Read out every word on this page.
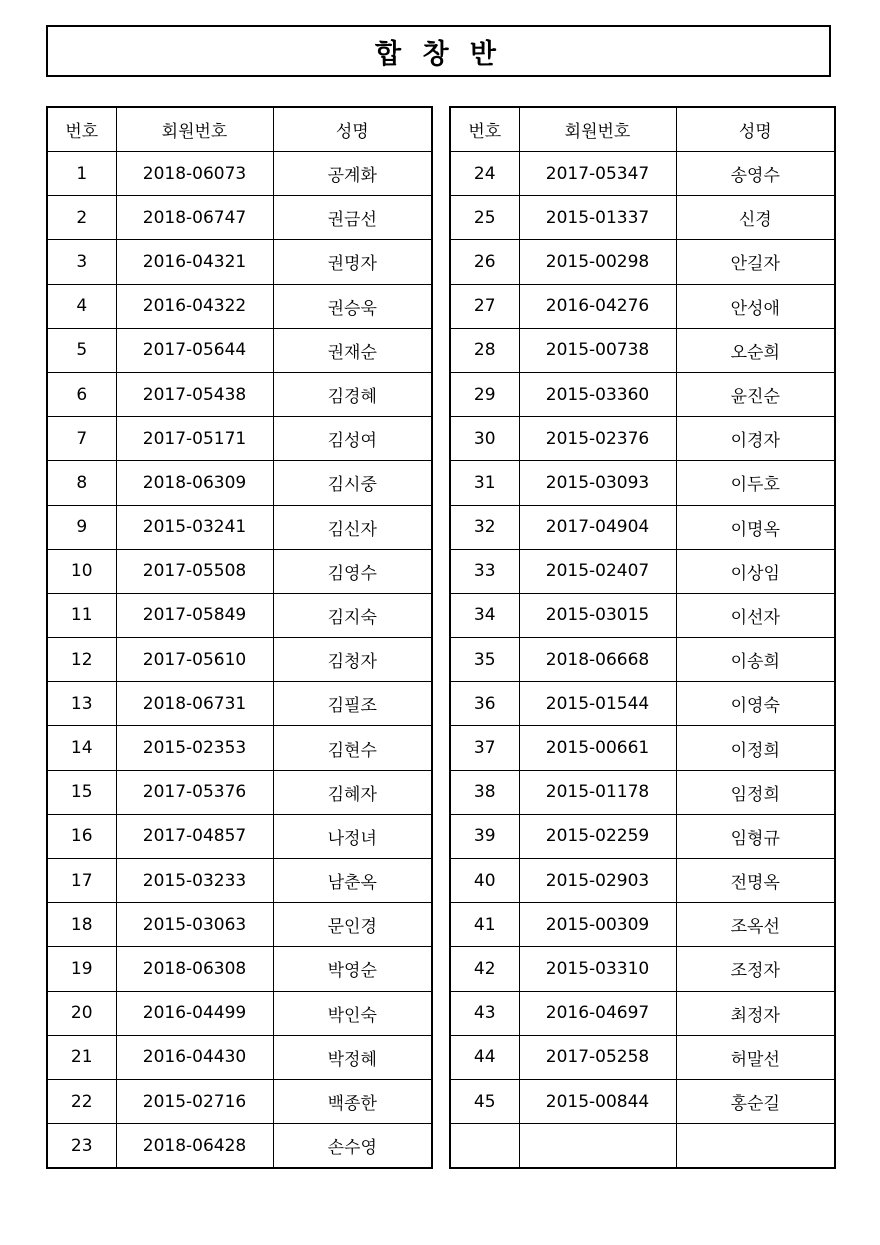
합 창 반
번호	회원번호	성명
1	2018-06073	공계화
2	2018-06747	권금선
3	2016-04321	권명자
4	2016-04322	권승욱
5	2017-05644	권재순
6	2017-05438	김경혜
7	2017-05171	김성여
8	2018-06309	김시중
9	2015-03241	김신자
10	2017-05508	김영수
11	2017-05849	김지숙
12	2017-05610	김청자
13	2018-06731	김필조
14	2015-02353	김현수
15	2017-05376	김혜자
16	2017-04857	나정녀
17	2015-03233	남춘옥
18	2015-03063	문인경
19	2018-06308	박영순
20	2016-04499	박인숙
21	2016-04430	박정혜
22	2015-02716	백종한
23	2018-06428	손수영
번호	회원번호	성명
24	2017-05347	송영수
25	2015-01337	신경
26	2015-00298	안길자
27	2016-04276	안성애
28	2015-00738	오순희
29	2015-03360	윤진순
30	2015-02376	이경자
31	2015-03093	이두호
32	2017-04904	이명옥
33	2015-02407	이상임
34	2015-03015	이선자
35	2018-06668	이송희
36	2015-01544	이영숙
37	2015-00661	이정희
38	2015-01178	임정희
39	2015-02259	임형규
40	2015-02903	전명옥
41	2015-00309	조옥선
42	2015-03310	조정자
43	2016-04697	최정자
44	2017-05258	허말선
45	2015-00844	홍순길
